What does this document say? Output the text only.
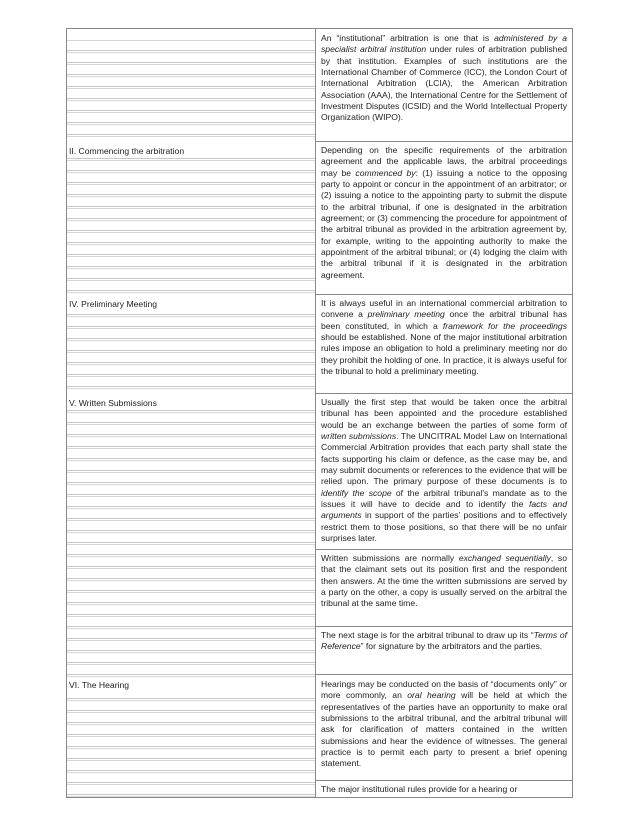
II. Commencing the arbitration
IV. Preliminary Meeting
V. Written Submissions
VI. The Hearing
An “institutional” arbitration is one that is administered by a specialist arbitral institution under rules of arbitration published by that institution. Examples of such institutions are the International Chamber of Commerce (ICC), the London Court of International Arbitration (LCIA), the American Arbitration Association (AAA), the International Centre for the Settlement of Investment Disputes (ICSID) and the World Intellectual Property Organization (WIPO).
Depending on the specific requirements of the arbitration agreement and the applicable laws, the arbitral proceedings may be commenced by: (1) issuing a notice to the opposing party to appoint or concur in the appointment of an arbitrator; or (2) issuing a notice to the appointing party to submit the dispute to the arbitral tribunal, if one is designated in the arbitration agreement; or (3) commencing the procedure for appointment of the arbitral tribunal as provided in the arbitration agreement by, for example, writing to the appointing authority to make the appointment of the arbitral tribunal; or (4) lodging the claim with the arbitral tribunal if it is designated in the arbitration agreement.
It is always useful in an international commercial arbitration to convene a preliminary meeting once the arbitral tribunal has been constituted, in which a framework for the proceedings should be established. None of the major institutional arbitration rules impose an obligation to hold a preliminary meeting nor do they prohibit the holding of one. In practice, it is always useful for the tribunal to hold a preliminary meeting.
Usually the first step that would be taken once the arbitral tribunal has been appointed and the procedure established would be an exchange between the parties of some form of written submissions. The UNCITRAL Model Law on International Commercial Arbitration provides that each party shall state the facts supporting his claim or defence, as the case may be, and may submit documents or references to the evidence that will be relied upon. The primary purpose of these documents is to identify the scope of the arbitral tribunal’s mandate as to the issues it will have to decide and to identify the facts and arguments in support of the parties’ positions and to effectively restrict them to those positions, so that there will be no unfair surprises later.
Written submissions are normally exchanged sequentially, so that the claimant sets out its position first and the respondent then answers. At the time the written submissions are served by a party on the other, a copy is usually served on the arbitral the tribunal at the same time.
The next stage is for the arbitral tribunal to draw up its “Terms of Reference” for signature by the arbitrators and the parties.
Hearings may be conducted on the basis of “documents only” or more commonly, an oral hearing will be held at which the representatives of the parties have an opportunity to make oral submissions to the arbitral tribunal, and the arbitral tribunal will ask for clarification of matters contained in the written submissions and hear the evidence of witnesses. The general practice is to permit each party to present a brief opening statement.
The major institutional rules provide for a hearing or
